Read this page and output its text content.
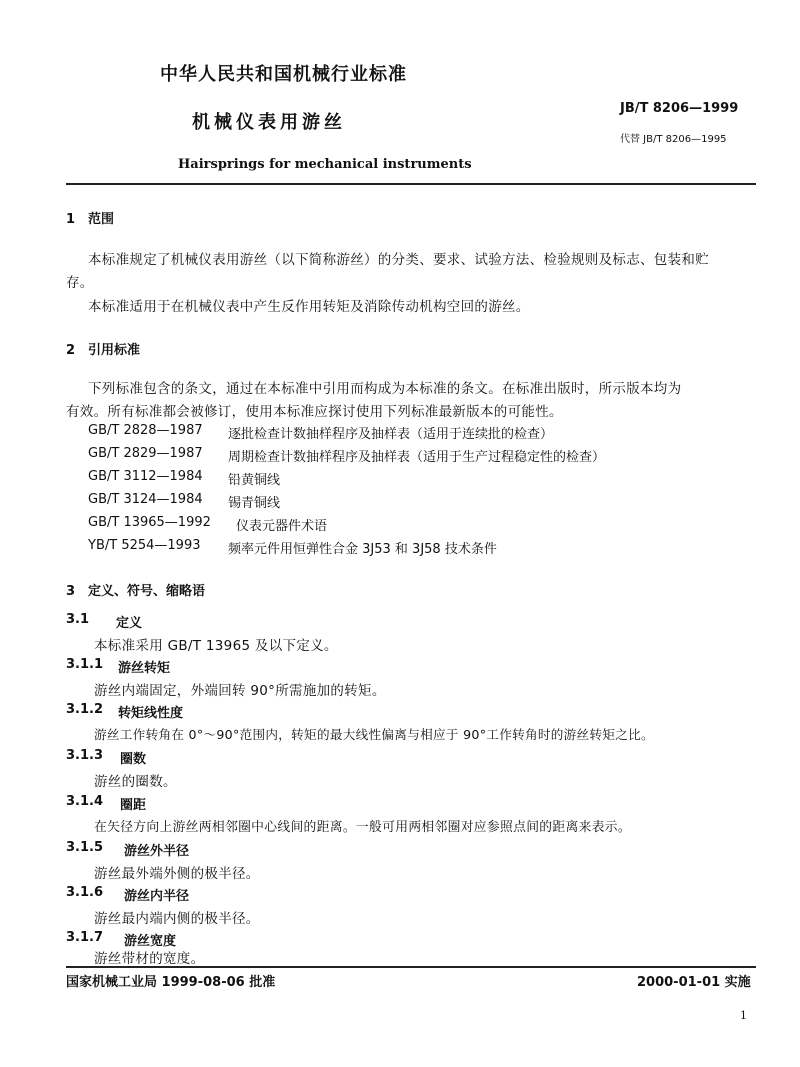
中华人民共和国机械行业标准
机械仪表用游丝
Hairsprings for mechanical instruments
JB/T 8206—1999
代替 JB/T 8206—1995
1　范围
本标准规定了机械仪表用游丝（以下简称游丝）的分类、要求、试验方法、检验规则及标志、包装和贮
存。
本标准适用于在机械仪表中产生反作用转矩及消除传动机构空回的游丝。
2　引用标准
下列标准包含的条文，通过在本标准中引用而构成为本标准的条文。在标准出版时，所示版本均为
有效。所有标准都会被修订，使用本标准应探讨使用下列标准最新版本的可能性。
GB/T 2828—1987 逐批检查计数抽样程序及抽样表（适用于连续批的检查）
GB/T 2829—1987 周期检查计数抽样程序及抽样表（适用于生产过程稳定性的检查）
GB/T 3112—1984 铅黄铜线
GB/T 3124—1984 锡青铜线
GB/T 13965—1992 仪表元器件术语
YB/T 5254—1993 频率元件用恒弹性合金 3J53 和 3J58 技术条件
3　定义、符号、缩略语
3.1 定义
本标准采用 GB/T 13965 及以下定义。
3.1.1 游丝转矩
游丝内端固定，外端回转 90°所需施加的转矩。
3.1.2 转矩线性度
游丝工作转角在 0°～90°范围内，转矩的最大线性偏离与相应于 90°工作转角时的游丝转矩之比。
3.1.3 圈数
游丝的圈数。
3.1.4 圈距
在矢径方向上游丝两相邻圈中心线间的距离。一般可用两相邻圈对应参照点间的距离来表示。
3.1.5 游丝外半径
游丝最外端外侧的极半径。
3.1.6 游丝内半径
游丝最内端内侧的极半径。
3.1.7 游丝宽度
游丝带材的宽度。
国家机械工业局 1999-08-06 批准	2000-01-01 实施
1
